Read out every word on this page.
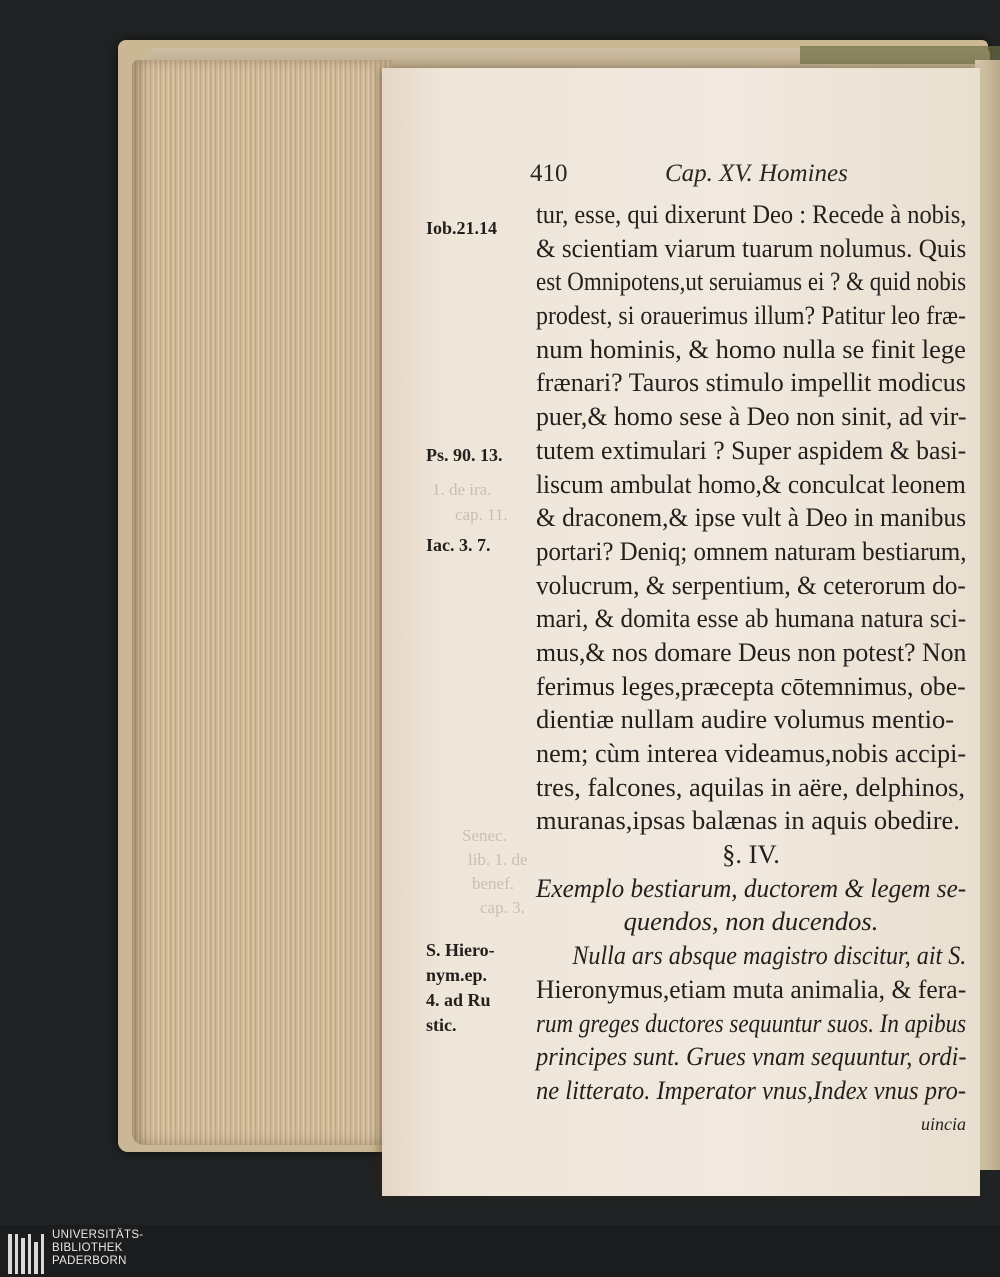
1. de ira.
cap. 11.
Senec.
lib. 1. de
benef.
cap. 3.
410	Cap. XV. Homines
Iob.21.14
Ps. 90. 13.
Iac. 3. 7.
S. Hiero-
nym.ep.
4. ad Ru
stic.
tur, esse, qui dixerunt Deo : Recede à nobis,
& scientiam viarum tuarum nolumus. Quis
est Omnipotens,ut seruiamus ei ? & quid nobis
prodest, si orauerimus illum? Patitur leo fræ-
num hominis, & homo nulla se finit lege
frænari? Tauros stimulo impellit modicus
puer,& homo sese à Deo non sinit, ad vir-
tutem extimulari ? Super aspidem & basi-
liscum ambulat homo,& conculcat leonem
& draconem,& ipse vult à Deo in manibus
portari? Deniq; omnem naturam bestiarum,
volucrum, & serpentium, & ceterorum do-
mari, & domita esse ab humana natura sci-
mus,& nos domare Deus non potest? Non
ferimus leges,præcepta cōtemnimus, obe-
dientiæ nullam audire volumus mentio-
nem; cùm interea videamus,nobis accipi-
tres, falcones, aquilas in aëre, delphinos,
muranas,ipsas balænas in aquis obedire.
§. IV.
Exemplo bestiarum, ductorem & legem se-
quendos, non ducendos.
Nulla ars absque magistro discitur, ait S.
Hieronymus,etiam muta animalia, & fera-
rum greges ductores sequuntur suos. In apibus
principes sunt. Grues vnam sequuntur, ordi-
ne litterato. Imperator vnus,Index vnus pro-
uincia
UNIVERSITÄTS-
BIBLIOTHEK
PADERBORN
